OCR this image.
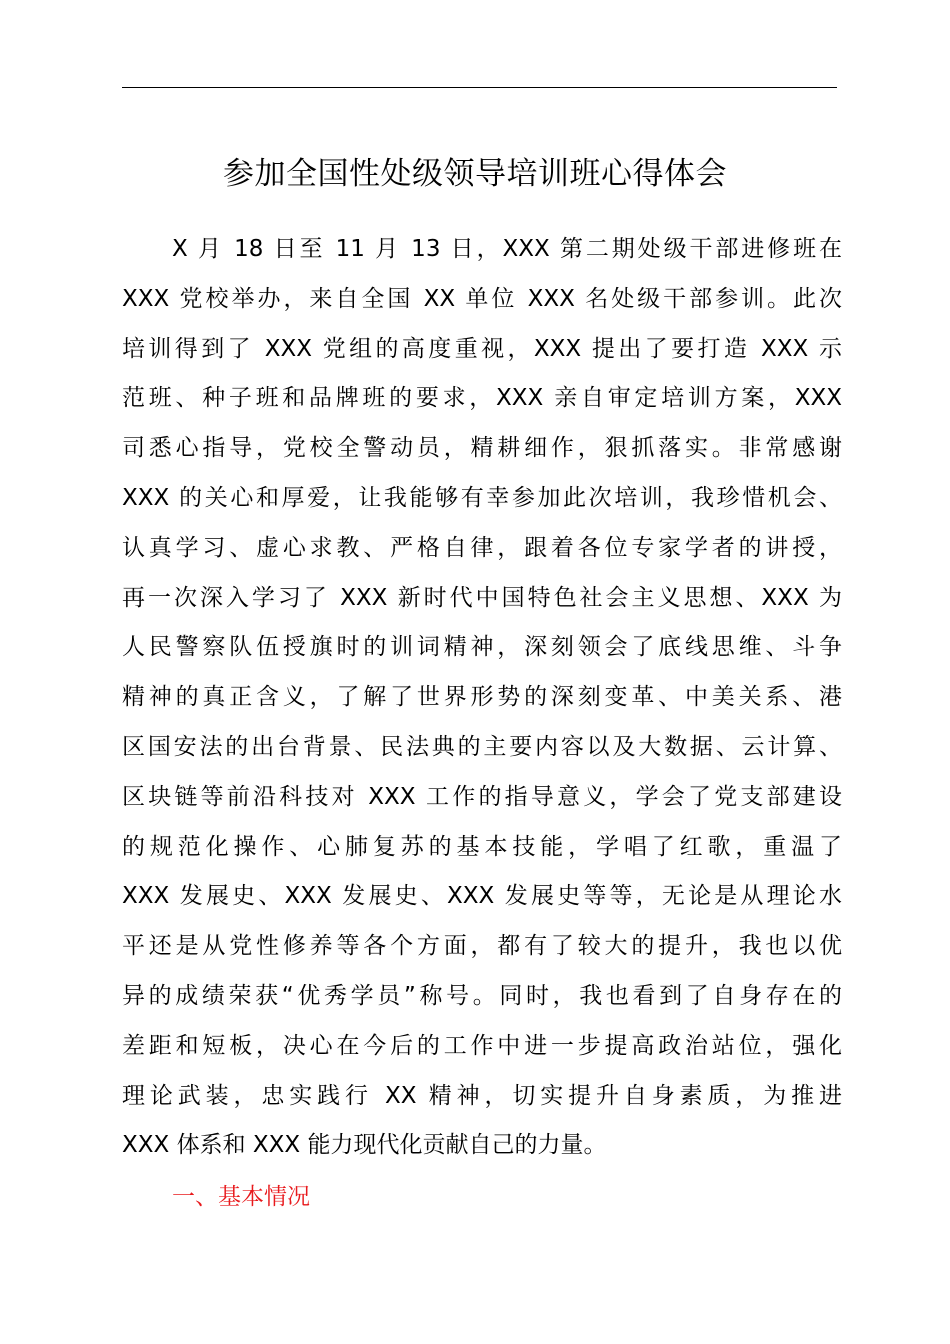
参加全国性处级领导培训班心得体会
X 月 18 日至 11 月 13 日，XXX 第二期处级干部进修班在
XXX 党校举办，来自全国 XX 单位 XXX 名处级干部参训。此次
培训得到了 XXX 党组的高度重视，XXX 提出了要打造 XXX 示
范班、种子班和品牌班的要求，XXX 亲自审定培训方案，XXX
司悉心指导，党校全警动员，精耕细作，狠抓落实。非常感谢
XXX 的关心和厚爱，让我能够有幸参加此次培训，我珍惜机会、
认真学习、虚心求教、严格自律，跟着各位专家学者的讲授，
再一次深入学习了 XXX 新时代中国特色社会主义思想、XXX 为
人民警察队伍授旗时的训词精神，深刻领会了底线思维、斗争
精神的真正含义，了解了世界形势的深刻变革、中美关系、港
区国安法的出台背景、民法典的主要内容以及大数据、云计算、
区块链等前沿科技对 XXX 工作的指导意义，学会了党支部建设
的规范化操作、心肺复苏的基本技能，学唱了红歌，重温了
XXX 发展史、XXX 发展史、XXX 发展史等等，无论是从理论水
平还是从党性修养等各个方面，都有了较大的提升，我也以优
异的成绩荣获“优秀学员”称号。同时，我也看到了自身存在的
差距和短板，决心在今后的工作中进一步提高政治站位，强化
理论武装，忠实践行 XX 精神，切实提升自身素质，为推进
XXX 体系和 XXX 能力现代化贡献自己的力量。
一、基本情况
